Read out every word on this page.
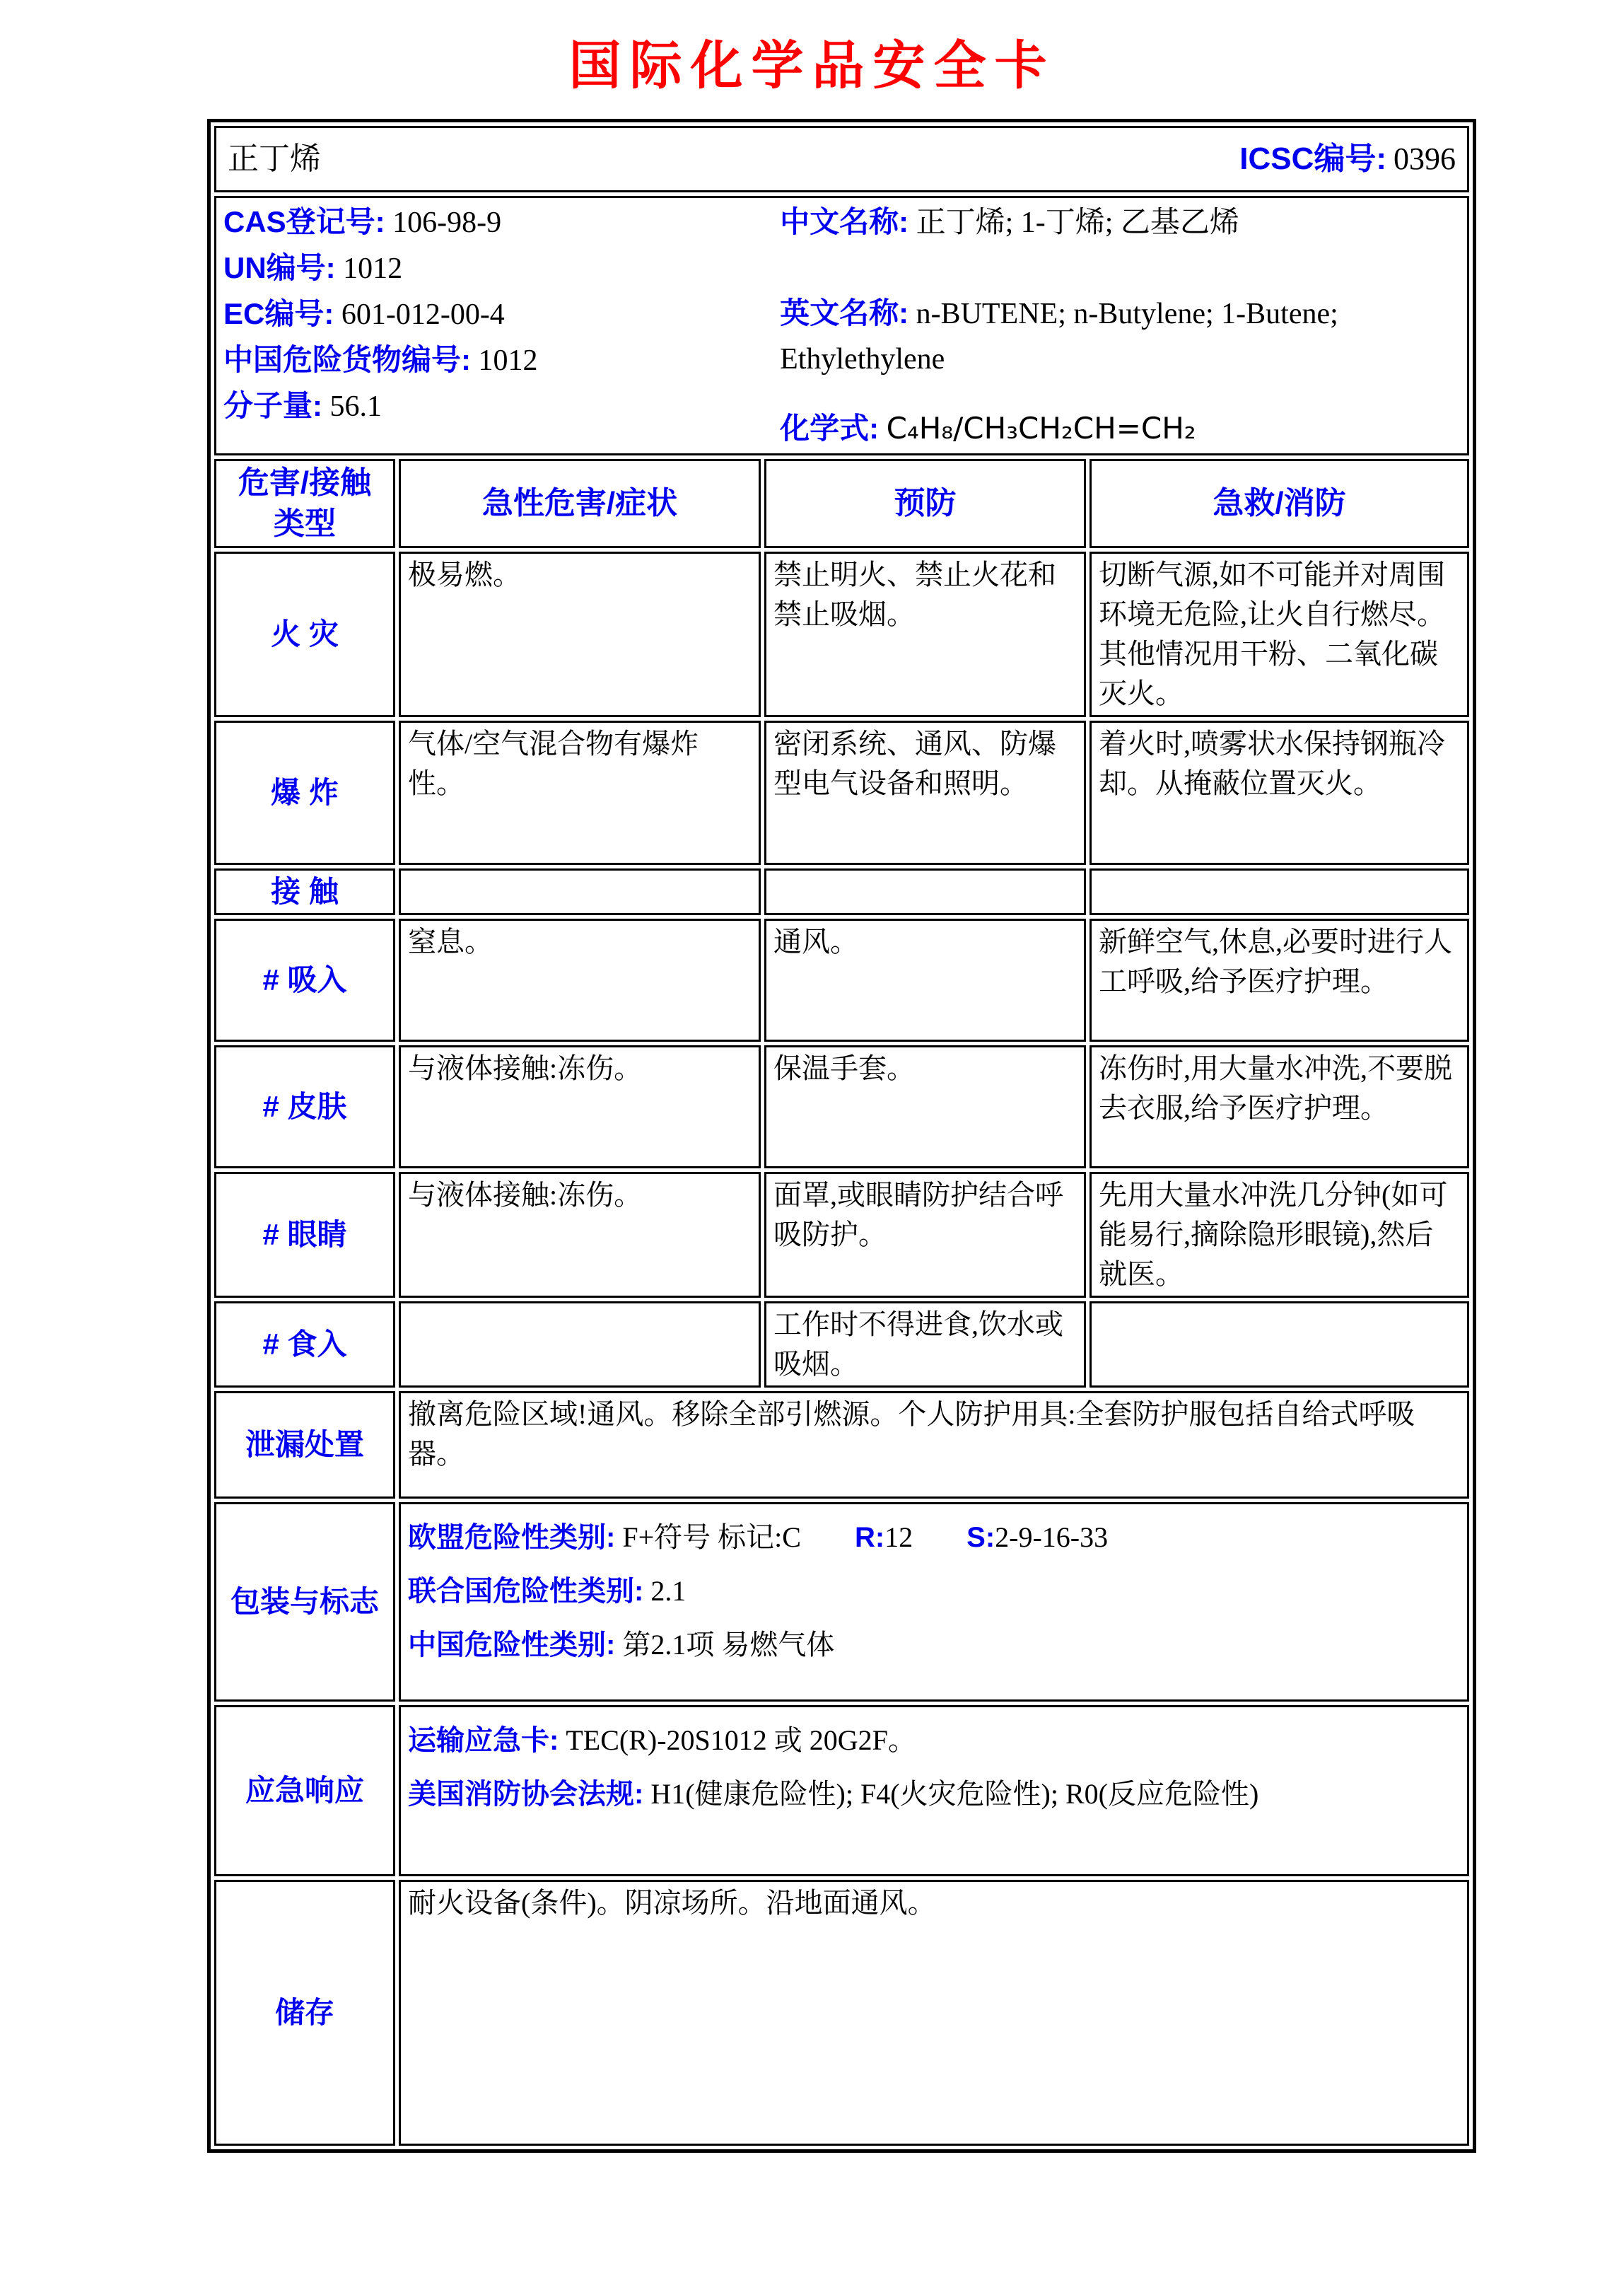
国际化学品安全卡
正丁烯 ICSC编号: 0396			

CAS登记号: 106-98-9
UN编号: 1012
EC编号: 601-012-00-4
中国危险货物编号: 1012
分子量: 56.1
中文名称: 正丁烯; 1-丁烯; 乙基乙烯
英文名称: n-BUTENE; n-Butylene; 1-Butene; Ethylethylene
化学式: C₄H₈/CH₃CH₂CH=CH₂

危害/接触类型	急性危害/症状	预防	急救/消防
火 灾	极易燃。	禁止明火、禁止火花和禁止吸烟。	切断气源,如不可能并对周围环境无危险,让火自行燃尽。其他情况用干粉、二氧化碳灭火。
爆 炸	气体/空气混合物有爆炸性。	密闭系统、通风、防爆型电气设备和照明。	着火时,喷雾状水保持钢瓶冷却。从掩蔽位置灭火。
接 触			
# 吸入	窒息。	通风。	新鲜空气,休息,必要时进行人工呼吸,给予医疗护理。
# 皮肤	与液体接触:冻伤。	保温手套。	冻伤时,用大量水冲洗,不要脱去衣服,给予医疗护理。
# 眼睛	与液体接触:冻伤。	面罩,或眼睛防护结合呼吸防护。	先用大量水冲洗几分钟(如可能易行,摘除隐形眼镜),然后就医。
# 食入		工作时不得进食,饮水或吸烟。	
泄漏处置	撤离危险区域!通风。移除全部引燃源。个人防护用具:全套防护服包括自给式呼吸器。		
包装与标志	欧盟危险性类别: F+符号 标记:C R:12 S:2-9-16-33
联合国危险性类别: 2.1
中国危险性类别: 第2.1项 易燃气体		

应急响应	运输应急卡: TEC(R)-20S1012 或 20G2F。
美国消防协会法规: H1(健康危险性); F4(火灾危险性); R0(反应危险性)		

储存	耐火设备(条件)。阴凉场所。沿地面通风。		
